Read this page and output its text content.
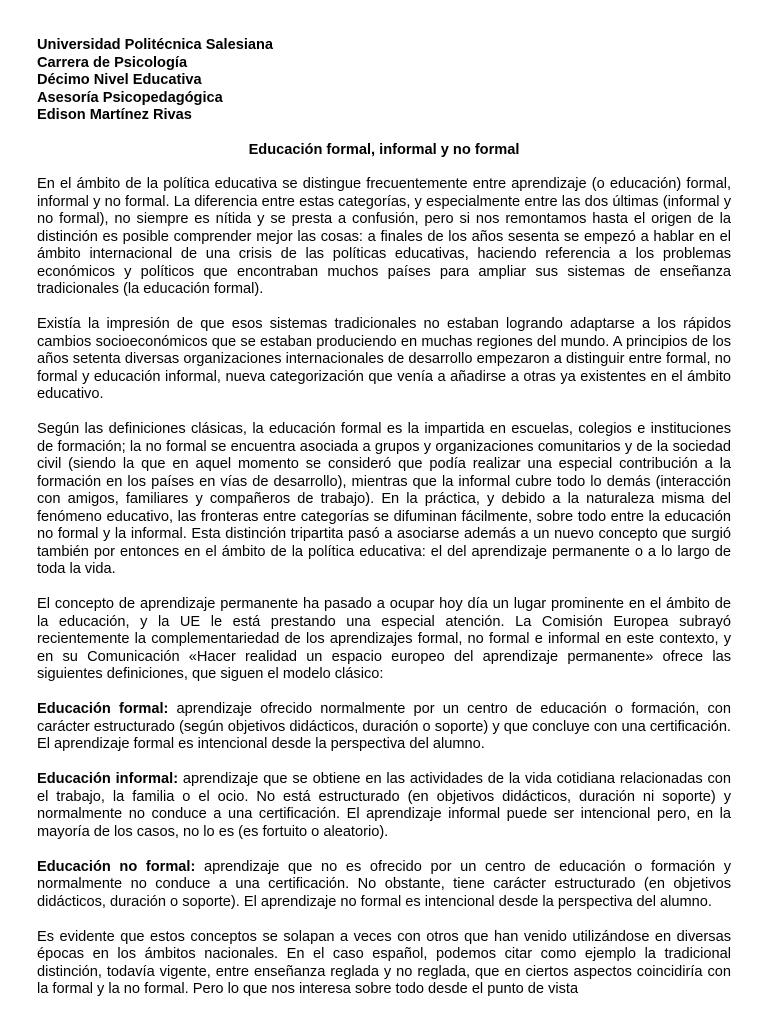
Universidad Politécnica Salesiana
Carrera de Psicología
Décimo Nivel Educativa
Asesoría Psicopedagógica
Edison Martínez Rivas
Educación formal, informal y no formal

En el ámbito de la política educativa se distingue frecuentemente entre aprendizaje (o educación) formal, informal y no formal. La diferencia entre estas categorías, y especialmente entre las dos últimas (informal y no formal), no siempre es nítida y se presta a confusión, pero si nos remontamos hasta el origen de la distinción es posible comprender mejor las cosas: a finales de los años sesenta se empezó a hablar en el ámbito internacional de una crisis de las políticas educativas, haciendo referencia a los problemas económicos y políticos que encontraban muchos países para ampliar sus sistemas de enseñanza tradicionales (la educación formal).

Existía la impresión de que esos sistemas tradicionales no estaban logrando adaptarse a los rápidos cambios socioeconómicos que se estaban produciendo en muchas regiones del mundo. A principios de los años setenta diversas organizaciones internacionales de desarrollo empezaron a distinguir entre formal, no formal y educación informal, nueva categorización que venía a añadirse a otras ya existentes en el ámbito educativo.

Según las definiciones clásicas, la educación formal es la impartida en escuelas, colegios e instituciones de formación; la no formal se encuentra asociada a grupos y organizaciones comunitarios y de la sociedad civil (siendo la que en aquel momento se consideró que podía realizar una especial contribución a la formación en los países en vías de desarrollo), mientras que la informal cubre todo lo demás (interacción con amigos, familiares y compañeros de trabajo). En la práctica, y debido a la naturaleza misma del fenómeno educativo, las fronteras entre categorías se difuminan fácilmente, sobre todo entre la educación no formal y la informal. Esta distinción tripartita pasó a asociarse además a un nuevo concepto que surgió también por entonces en el ámbito de la política educativa: el del aprendizaje permanente o a lo largo de toda la vida.

El concepto de aprendizaje permanente ha pasado a ocupar hoy día un lugar prominente en el ámbito de la educación, y la UE le está prestando una especial atención. La Comisión Europea subrayó recientemente la complementariedad de los aprendizajes formal, no formal e informal en este contexto, y en su Comunicación «Hacer realidad un espacio europeo del aprendizaje permanente» ofrece las siguientes definiciones, que siguen el modelo clásico:

Educación formal: aprendizaje ofrecido normalmente por un centro de educación o formación, con carácter estructurado (según objetivos didácticos, duración o soporte) y que concluye con una certificación. El aprendizaje formal es intencional desde la perspectiva del alumno.

Educación informal: aprendizaje que se obtiene en las actividades de la vida cotidiana relacionadas con el trabajo, la familia o el ocio. No está estructurado (en objetivos didácticos, duración ni soporte) y normalmente no conduce a una certificación. El aprendizaje informal puede ser intencional pero, en la mayoría de los casos, no lo es (es fortuito o aleatorio).

Educación no formal: aprendizaje que no es ofrecido por un centro de educación o formación y normalmente no conduce a una certificación. No obstante, tiene carácter estructurado (en objetivos didácticos, duración o soporte). El aprendizaje no formal es intencional desde la perspectiva del alumno.

Es evidente que estos conceptos se solapan a veces con otros que han venido utilizándose en diversas épocas en los ámbitos nacionales. En el caso español, podemos citar como ejemplo la tradicional distinción, todavía vigente, entre enseñanza reglada y no reglada, que en ciertos aspectos coincidiría con la formal y la no formal. Pero lo que nos interesa sobre todo desde el punto de vista
